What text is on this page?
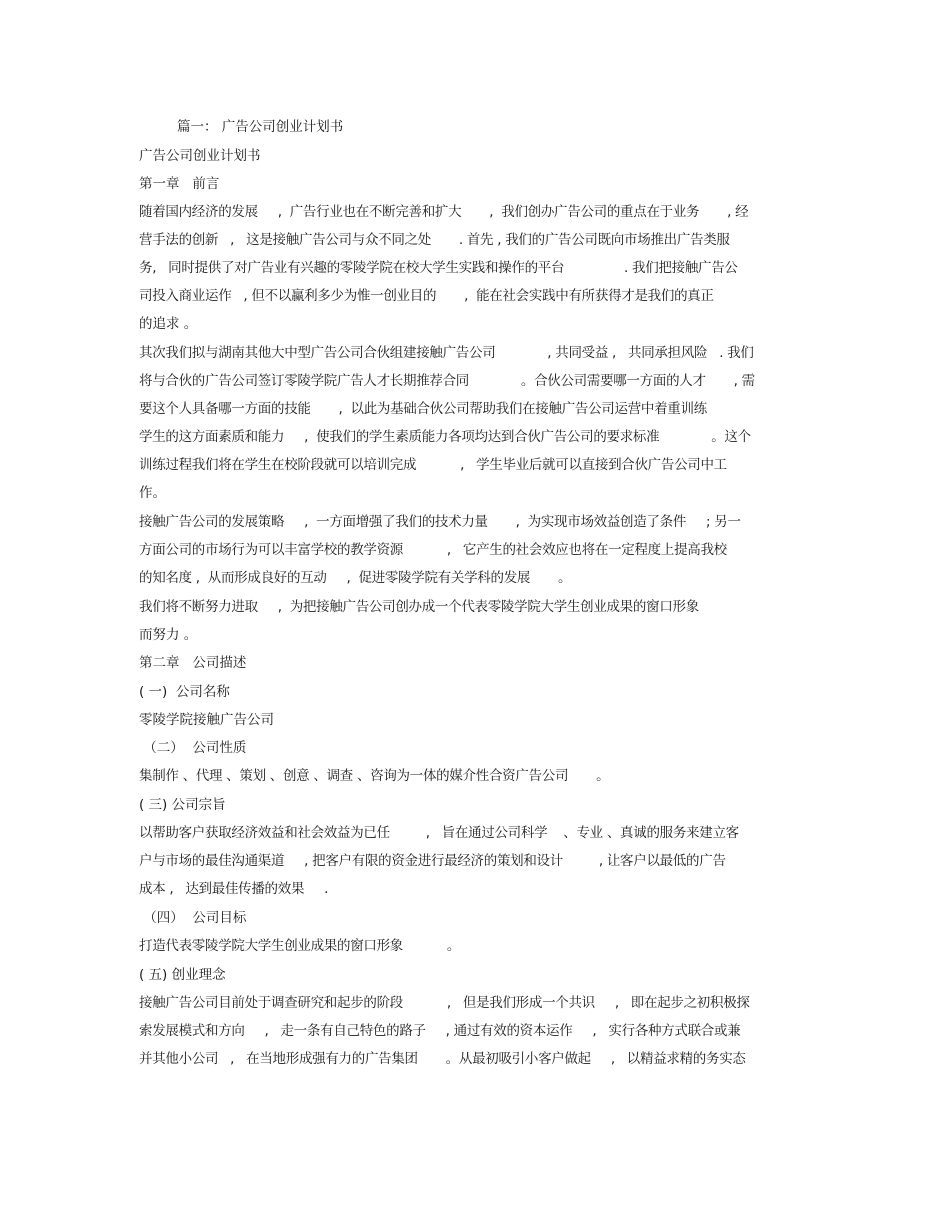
篇一： 广告公司创业计划书
广告公司创业计划书
第一章   前言
随着国内经济的发展     ,  广告行业也在不断完善和扩大       ,  我们创办广告公司的重点在于业务       , 经
营手法的创新   ,   这是接触广告公司与众不同之处       . 首先 , 我们的广告公司既向市场推出广告类服
务,   同时提供了对广告业有兴趣的零陵学院在校大学生实践和操作的平台               . 我们把接触广告公
司投入商业运作   , 但不以赢利多少为惟一创业目的       ,  能在社会实践中有所获得才是我们的真正
的追求 。
其次我们拟与湖南其他大中型广告公司合伙组建接触广告公司             , 共同受益 ,   共同承担风险   . 我们
将与合伙的广告公司签订零陵学院广告人才长期推荐合同             。合伙公司需要哪一方面的人才       , 需
要这个人具备哪一方面的技能       ,  以此为基础合伙公司帮助我们在接触广告公司运营中着重训练
学生的这方面素质和能力     ,  使我们的学生素质能力各项均达到合伙广告公司的要求标准             。这个
训练过程我们将在学生在校阶段就可以培训完成           ,   学生毕业后就可以直接到合伙广告公司中工
作。
接触广告公司的发展策略     ,  一方面增强了我们的技术力量       ,  为实现市场效益创造了条件     ; 另一
方面公司的市场行为可以丰富学校的教学资源           ,   它产生的社会效应也将在一定程度上提高我校
的知名度 ,  从而形成良好的互动     ,  促进零陵学院有关学科的发展       。
我们将不断努力进取     ,  为把接触广告公司创办成一个代表零陵学院大学生创业成果的窗口形象
而努力 。
第二章   公司描述
( 一)  公司名称
零陵学院接触广告公司
（二）  公司性质
集制作 、代理 、策划 、创意 、调查 、咨询为一体的媒介性合资广告公司       。
( 三) 公司宗旨
以帮助客户获取经济效益和社会效益为已任         ,   旨在通过公司科学    、专业 、真诚的服务来建立客
户与市场的最佳沟通渠道     , 把客户有限的资金进行最经济的策划和设计         , 让客户以最低的广告
成本 ,   达到最佳传播的效果     .
（四）  公司目标
打造代表零陵学院大学生创业成果的窗口形象           。
( 五) 创业理念
接触广告公司目前处于调查研究和起步的阶段           ,   但是我们形成一个共识     ,   即在起步之初积极探
索发展模式和方向     ,   走一条有自己特色的路子     , 通过有效的资本运作     ,   实行各种方式联合或兼
并其他小公司   ,   在当地形成强有力的广告集团       。从最初吸引小客户做起     ,   以精益求精的务实态
